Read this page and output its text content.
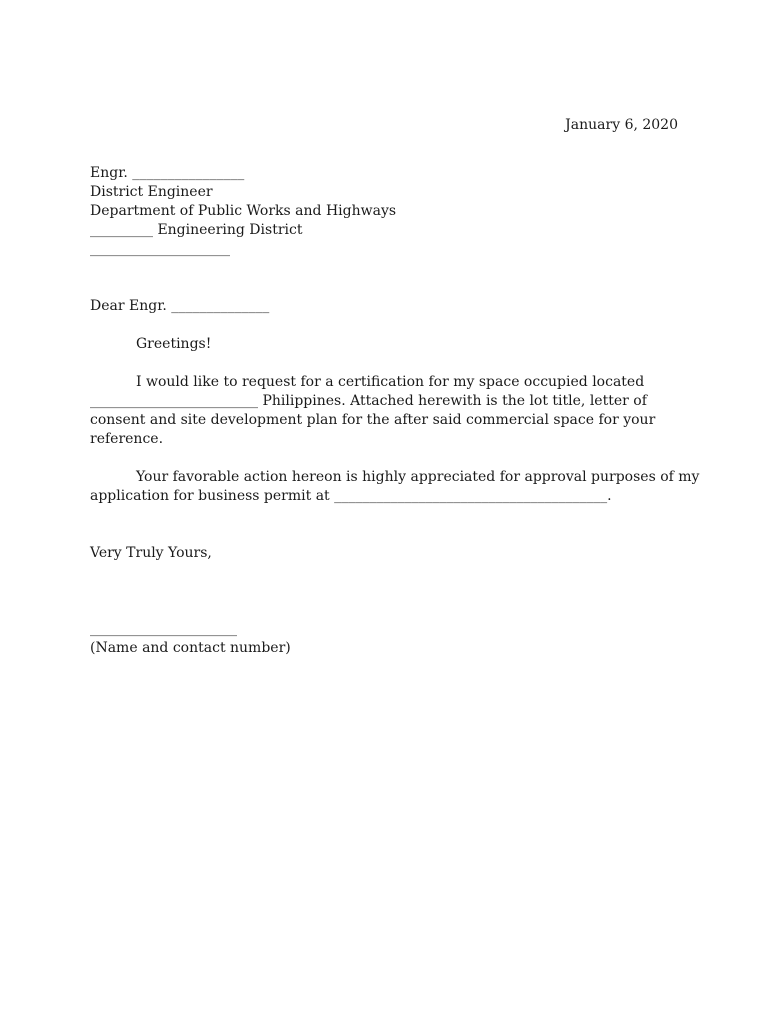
January 6, 2020
Engr. ________________
District Engineer
Department of Public Works and Highways
_________ Engineering District
____________________
Dear Engr. ______________
Greetings!
I would like to request for a certification for my space occupied located
________________________ Philippines. Attached herewith is the lot title, letter of
consent and site development plan for the after said commercial space for your
reference.
Your favorable action hereon is highly appreciated for approval purposes of my
application for business permit at _______________________________________.
Very Truly Yours,
_____________________
(Name and contact number)
